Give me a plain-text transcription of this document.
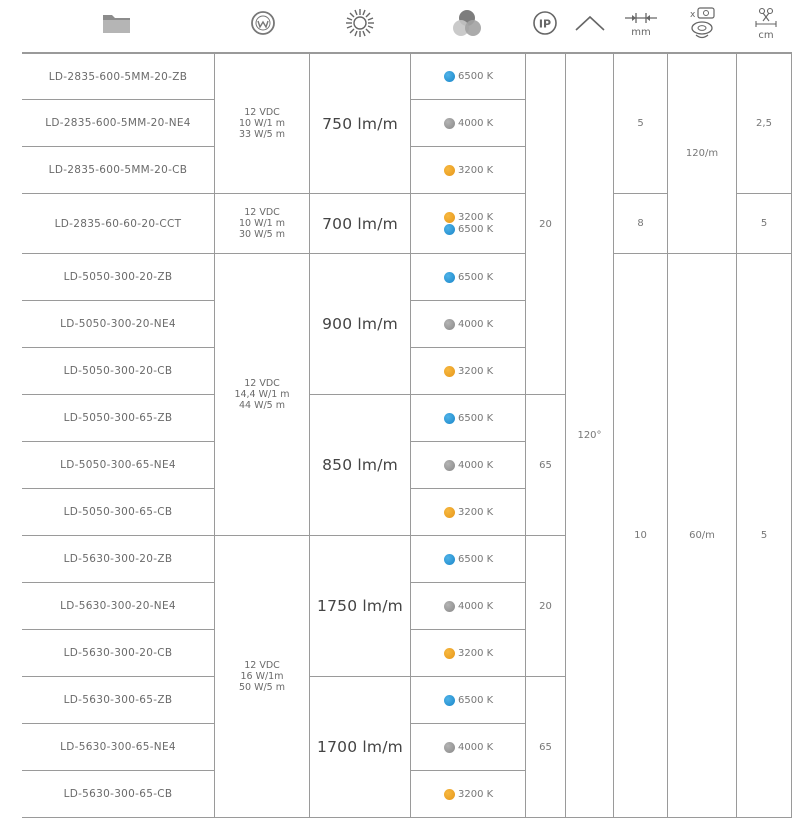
IP
mm
x
cm
LD-2835-600-5MM-20-ZB
LD-2835-600-5MM-20-NE4
LD-2835-600-5MM-20-CB
LD-2835-60-60-20-CCT
LD-5050-300-20-ZB
LD-5050-300-20-NE4
LD-5050-300-20-CB
LD-5050-300-65-ZB
LD-5050-300-65-NE4
LD-5050-300-65-CB
LD-5630-300-20-ZB
LD-5630-300-20-NE4
LD-5630-300-20-CB
LD-5630-300-65-ZB
LD-5630-300-65-NE4
LD-5630-300-65-CB
12 VDC
10 W/1 m
33 W/5 m
12 VDC
10 W/1 m
30 W/5 m
12 VDC
14,4 W/1 m
44 W/5 m
12 VDC
16 W/1m
50 W/5 m
750 lm/m
700 lm/m
900 lm/m
850 lm/m
1750 lm/m
1700 lm/m
6500 K
4000 K
3200 K
3200 K
6500 K
6500 K
4000 K
3200 K
6500 K
4000 K
3200 K
6500 K
4000 K
3200 K
6500 K
4000 K
3200 K
20
65
20
65
120°
5
8
10
120/m
60/m
2,5
5
5
